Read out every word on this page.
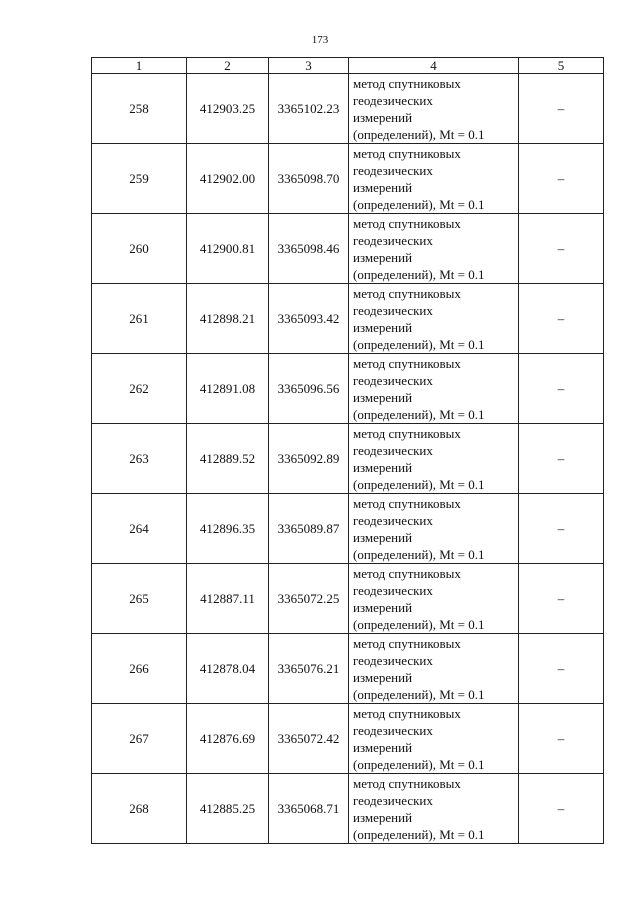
173
1	2	3	4	5
258	412903.25	3365102.23	метод спутниковых
геодезических
измерений
(определений), Mt = 0.1	–
259	412902.00	3365098.70	метод спутниковых
геодезических
измерений
(определений), Mt = 0.1	–
260	412900.81	3365098.46	метод спутниковых
геодезических
измерений
(определений), Mt = 0.1	–
261	412898.21	3365093.42	метод спутниковых
геодезических
измерений
(определений), Mt = 0.1	–
262	412891.08	3365096.56	метод спутниковых
геодезических
измерений
(определений), Mt = 0.1	–
263	412889.52	3365092.89	метод спутниковых
геодезических
измерений
(определений), Mt = 0.1	–
264	412896.35	3365089.87	метод спутниковых
геодезических
измерений
(определений), Mt = 0.1	–
265	412887.11	3365072.25	метод спутниковых
геодезических
измерений
(определений), Mt = 0.1	–
266	412878.04	3365076.21	метод спутниковых
геодезических
измерений
(определений), Mt = 0.1	–
267	412876.69	3365072.42	метод спутниковых
геодезических
измерений
(определений), Mt = 0.1	–
268	412885.25	3365068.71	метод спутниковых
геодезических
измерений
(определений), Mt = 0.1	–
